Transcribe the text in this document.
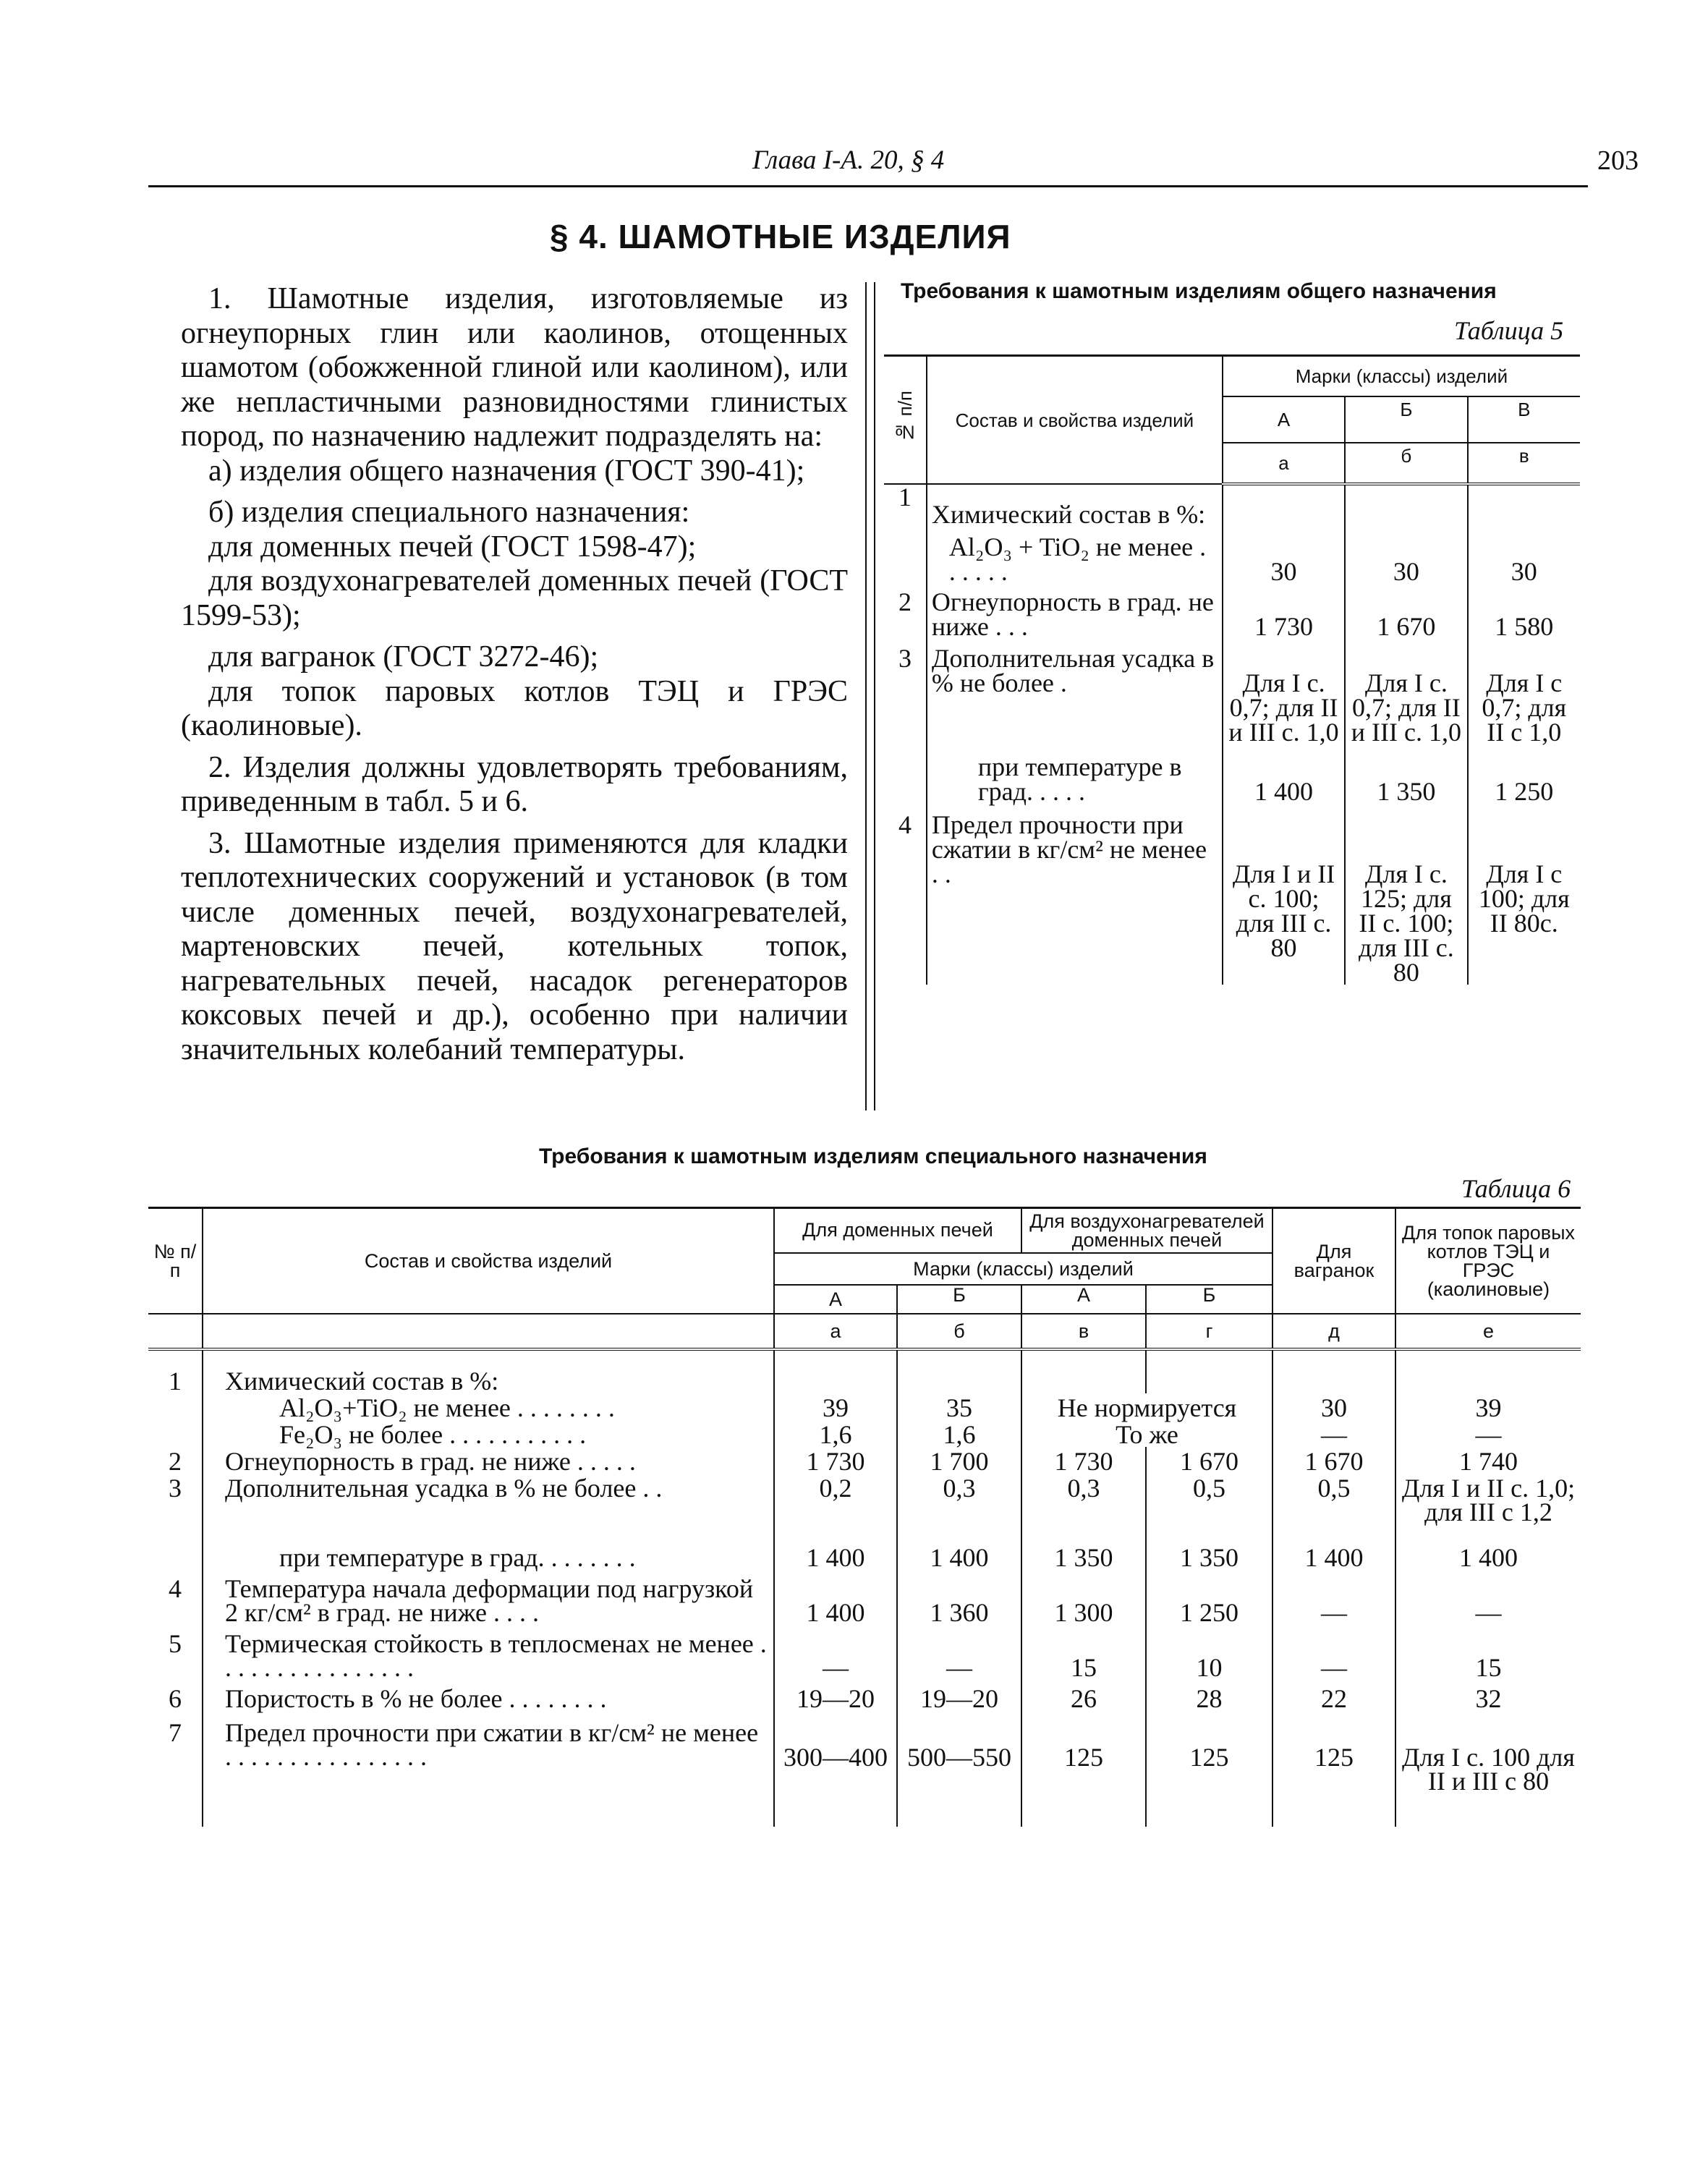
Глава I-А. 20, § 4	203
§ 4. ШАМОТНЫЕ ИЗДЕЛИЯ

1. Шамотные изделия, изготовляемые из огнеупорных глин или каолинов, отощенных шамотом (обожженной глиной или каолином), или же непластичными разновидностями глинистых пород, по назначению надлежит подразделять на:

а) изделия общего назначения (ГОСТ 390-41);

б) изделия специального назначения:

для доменных печей (ГОСТ 1598-47);

для воздухонагревателей доменных печей (ГОСТ 1599-53);

для вагранок (ГОСТ 3272-46);

для топок паровых котлов ТЭЦ и ГРЭС (каолиновые).

2. Изделия должны удовлетворять требованиям, приведенным в табл. 5 и 6.

3. Шамотные изделия применяются для кладки теплотехнических сооружений и установок (в том числе доменных печей, воздухонагревателей, мартеновских печей, котельных топок, нагревательных печей, насадок регенераторов коксовых печей и др.), особенно при наличии значительных колебаний температуры.

Требования к шамотным изделиям общего назначения
Таблица 5
№ п/п	Состав и свойства изделий	Марки (классы) изделий		
		А	Б	В
		а	б	в
1	Химический состав в %:			
	Al₂O₃ + TiO₂ не менее . . . . . .	30	30	30
2	Огнеупорность в град. не ниже . . .	1 730	1 670	1 580
3	Дополнительная усадка в % не более .	Для I с. 0,7; для II и III с. 1,0	Для I с. 0,7; для II и III с. 1,0	Для I с 0,7; для II с 1,0
	при температуре в град. . . . .	1 400	1 350	1 250
4	Предел прочности при сжатии в кг/см² не менее . .	Для I и II с. 100; для III с. 80	Для I с. 125; для II с. 100; для III с. 80	Для I с 100; для II 80с.
Требования к шамотным изделиям специального назначения
Таблица 6
№ п/п	Состав и свойства изделий	Для доменных печей		Для воздухонагревателей доменных печей		Для вагранок	Для топок паровых котлов ТЭЦ и ГРЭС (каолиновые)
		Марки (классы) изделий					
		А	Б	А	Б		
		а	б	в	г	д	е
1	Химический состав в %:						
	Al₂O₃+TiO₂ не менее . . . . . . . .	39	35	Не нормируется		30	39
	Fe₂O₃ не более . . . . . . . . . . .	1,6	1,6	То же		—	—
2	Огнеупорность в град. не ниже . . . . .	1 730	1 700	1 730	1 670	1 670	1 740
3	Дополнительная усадка в % не более . .	0,2	0,3	0,3	0,5	0,5	Для I и II с. 1,0; для III с 1,2
	при температуре в град. . . . . . . .	1 400	1 400	1 350	1 350	1 400	1 400
4	Температура начала деформации под нагрузкой 2 кг/см² в град. не ниже . . . .	1 400	1 360	1 300	1 250	—	—
5	Термическая стойкость в теплосменах не менее . . . . . . . . . . . . . . . .	—	—	15	10	—	15
6	Пористость в % не более . . . . . . . .	19—20	19—20	26	28	22	32
7	Предел прочности при сжатии в кг/см² не менее . . . . . . . . . . . . . . . .	300—400	500—550	125	125	125	Для I с. 100 для II и III с 80
